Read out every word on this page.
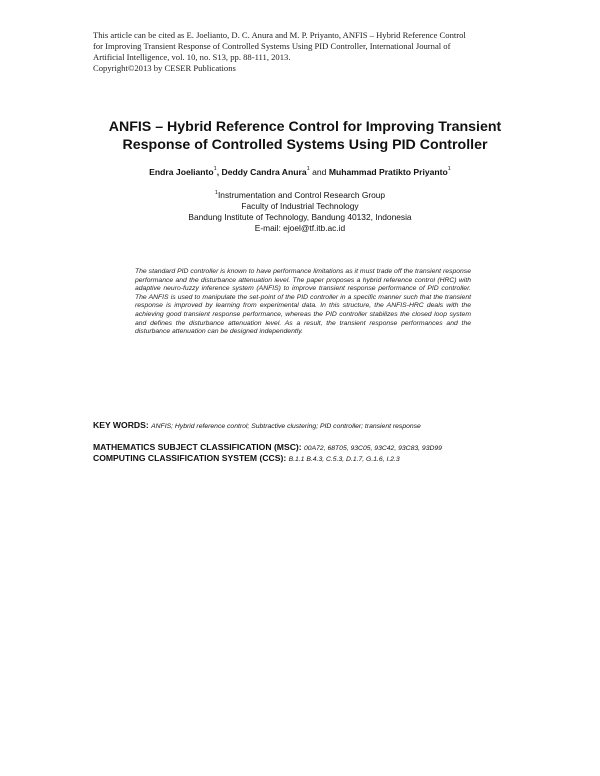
This article can be cited as E. Joelianto, D. C. Anura and M. P. Priyanto, ANFIS – Hybrid Reference Control
for Improving Transient Response of Controlled Systems Using PID Controller, International Journal of
Artificial Intelligence, vol. 10, no. S13, pp. 88-111, 2013.
Copyright©2013 by CESER Publications
ANFIS – Hybrid Reference Control for Improving Transient
Response of Controlled Systems Using PID Controller
Endra Joelianto$^1$, Deddy Candra Anura$^1$ and Muhammad Pratikto Priyanto$^1$
$^1$Instrumentation and Control Research Group
Faculty of Industrial Technology
Bandung Institute of Technology, Bandung 40132, Indonesia
E-mail: ejoel@tf.itb.ac.id

The standard PID controller is known to have performance limitations as it must trade off the transient response performance and the disturbance attenuation level. The paper proposes a hybrid reference control (HRC) with adaptive neuro-fuzzy inference system (ANFIS) to improve transient response performance of PID controller. The ANFIS is used to manipulate the set-point of the PID controller in a specific manner such that the transient response is improved by learning from experimental data. In this structure, the ANFIS-HRC deals with the achieving good transient response performance, whereas the PID controller stabilizes the closed loop system and defines the disturbance attenuation level. As a result, the transient response performances and the disturbance attenuation can be designed independently.

KEY WORDS: ANFIS; Hybrid reference control; Subtractive clustering; PID controller; transient response
MATHEMATICS SUBJECT CLASSIFICATION (MSC): 00A72, 68T05, 93C05, 93C42, 93C83, 93D99
COMPUTING CLASSIFICATION SYSTEM (CCS): B.1.1 B.4.3, C.5.3, D.1.7, G.1.6, I.2.3
